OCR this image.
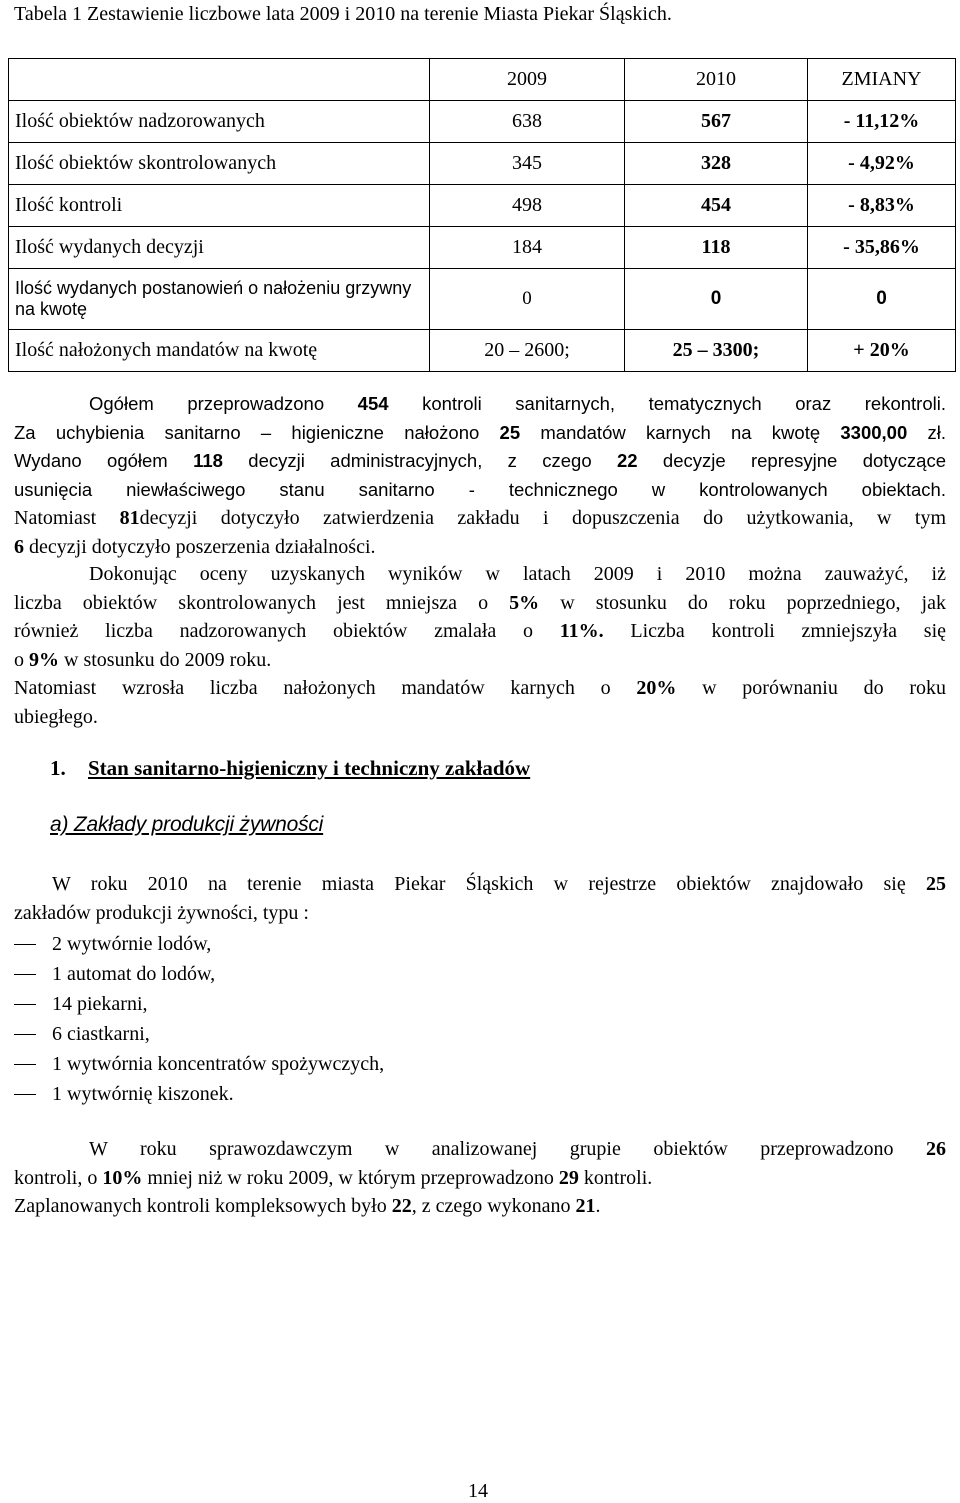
Tabela 1 Zestawienie liczbowe lata 2009 i 2010 na terenie Miasta Piekar Śląskich.
	2009	2010	ZMIANY
Ilość obiektów nadzorowanych	638	567	- 11,12%
Ilość obiektów skontrolowanych	345	328	- 4,92%
Ilość kontroli	498	454	- 8,83%
Ilość wydanych decyzji	184	118	- 35,86%
Ilość wydanych postanowień o nałożeniu grzywny na kwotę	0	0	0
Ilość nałożonych mandatów na kwotę	20 – 2600;	25 – 3300;	+ 20%
Ogółem przeprowadzono 454 kontroli sanitarnych, tematycznych oraz rekontroli.
Za uchybienia sanitarno – higieniczne nałożono 25 mandatów karnych na kwotę 3300,00 zł.
Wydano ogółem 118 decyzji administracyjnych, z czego 22 decyzje represyjne dotyczące
usunięcia niewłaściwego stanu sanitarno - technicznego w kontrolowanych obiektach.
Natomiast 81decyzji dotyczyło zatwierdzenia zakładu i dopuszczenia do użytkowania, w tym
6 decyzji dotyczyło poszerzenia działalności.
Dokonując oceny uzyskanych wyników w latach 2009 i 2010 można zauważyć, iż
liczba obiektów skontrolowanych jest mniejsza o 5% w stosunku do roku poprzedniego, jak
również liczba nadzorowanych obiektów zmalała o 11%. Liczba kontroli zmniejszyła się
o 9% w stosunku do 2009 roku.
Natomiast wzrosła liczba nałożonych mandatów karnych o 20% w porównaniu do roku
ubiegłego.
1. Stan sanitarno-higieniczny i techniczny zakładów
a) Zakłady produkcji żywności
W roku 2010 na terenie miasta Piekar Śląskich w rejestrze obiektów znajdowało się 25
zakładów produkcji żywności, typu :
2 wytwórnie lodów,
1 automat do lodów,
14 piekarni,
6 ciastkarni,
1 wytwórnia koncentratów spożywczych,
1 wytwórnię kiszonek.
W roku sprawozdawczym w analizowanej grupie obiektów przeprowadzono 26
kontroli, o 10% mniej niż w roku 2009, w którym przeprowadzono 29 kontroli.
Zaplanowanych kontroli kompleksowych było 22, z czego wykonano 21.
14
